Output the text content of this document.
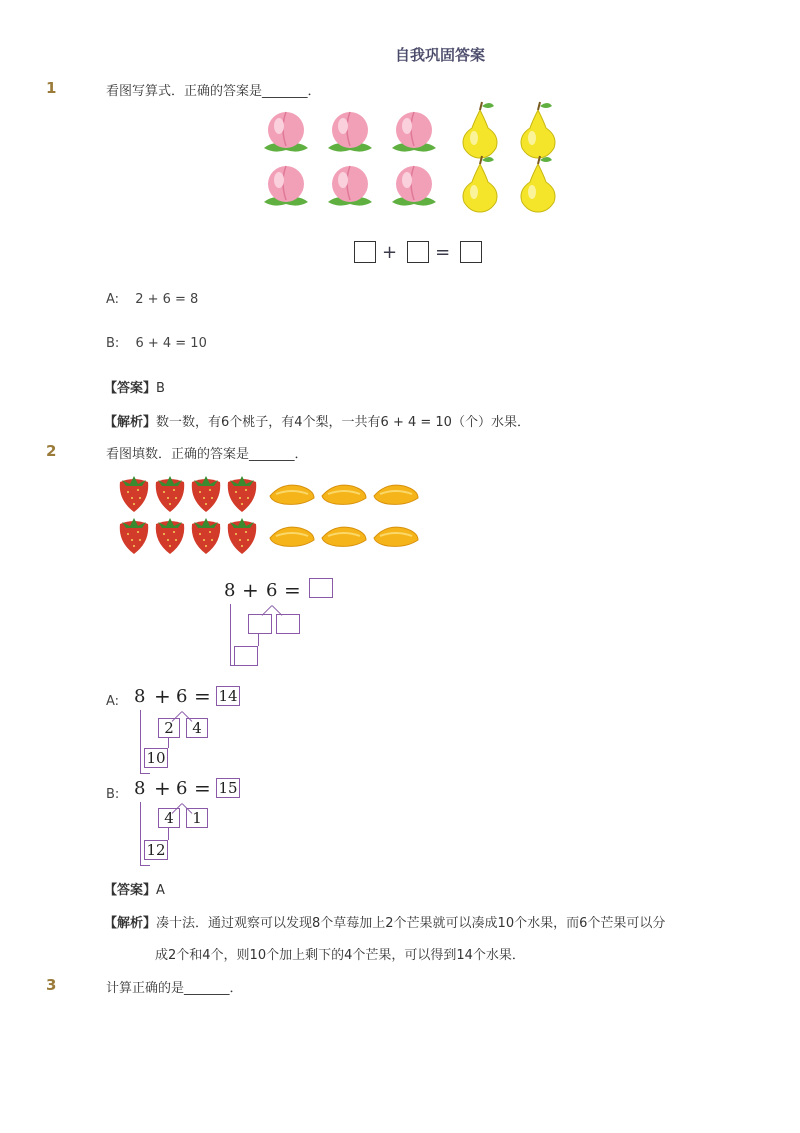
自我巩固答案
1	看图写算式．正确的答案是_______．
+ =
A: 2 + 6 = 8
B: 6 + 4 = 10
【答案】B
【解析】数一数，有6个桃子，有4个梨，一共有6 + 4 = 10（个）水果．
2	看图填数．正确的答案是_______．
8 + 6 =
A: 8 + 6 = 14
2	4
10
B: 8 + 6 = 15
4	1
12
【答案】A
【解析】凑十法．通过观察可以发现8个草莓加上2个芒果就可以凑成10个水果，而6个芒果可以分
成2个和4个，则10个加上剩下的4个芒果，可以得到14个水果．
3	计算正确的是_______．
